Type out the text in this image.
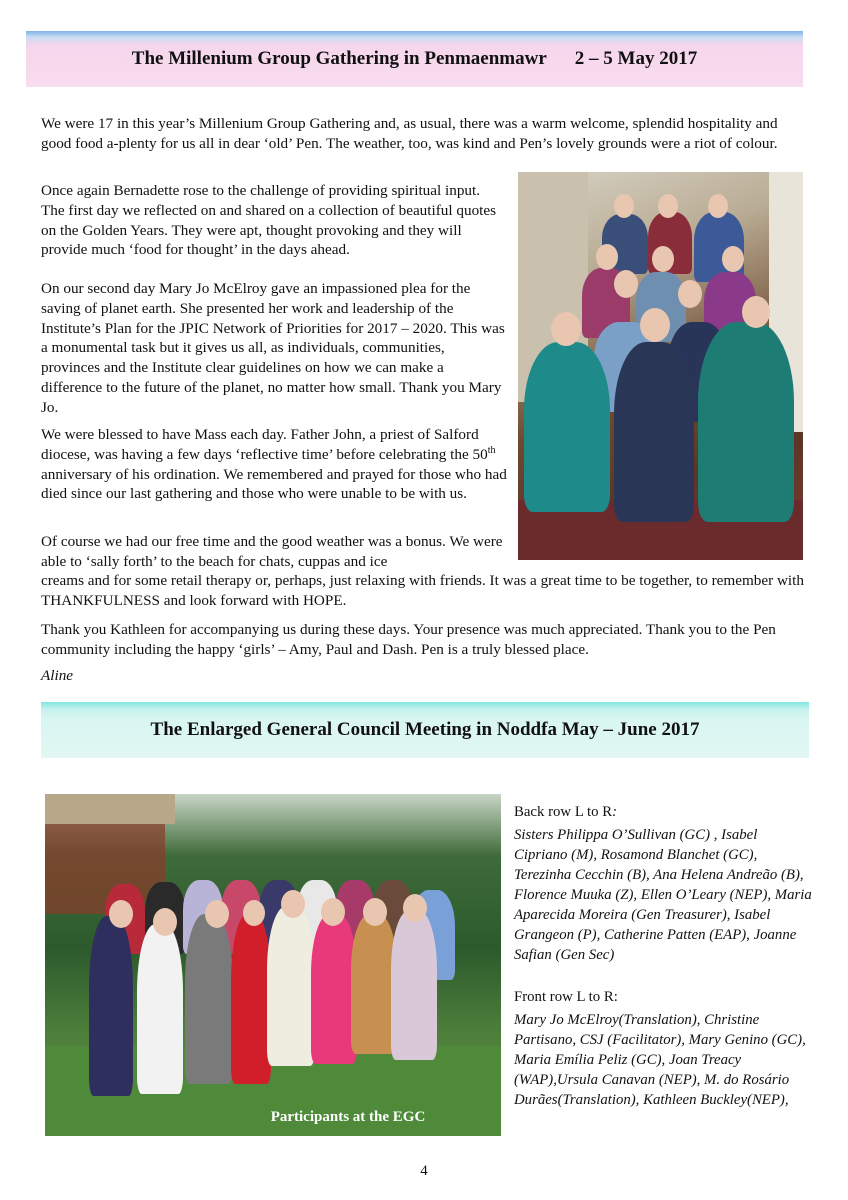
The Millenium Group Gathering in Penmaenmawr 2 – 5 May 2017

We were 17 in this year’s Millenium Group Gathering and, as usual, there was a warm welcome, splendid hospitality and good food a-plenty for us all in dear ‘old’ Pen. The weather, too, was kind and Pen’s lovely grounds were a riot of colour.

Once again Bernadette rose to the challenge of providing spiritual input. The first day we reflected on and shared on a collection of beautiful quotes on the Golden Years. They were apt, thought provoking and they will provide much ‘food for thought’ in the days ahead.

On our second day Mary Jo McElroy gave an impassioned plea for the saving of planet earth. She presented her work and leadership of the Institute’s Plan for the JPIC Network of Priorities for 2017 – 2020. This was a monumental task but it gives us all, as individuals, communities, provinces and the Institute clear guidelines on how we can make a difference to the future of the planet, no matter how small. Thank you Mary Jo.

We were blessed to have Mass each day. Father John, a priest of Salford diocese, was having a few days ‘reflective time’ before celebrating the 50th anniversary of his ordination. We remembered and prayed for those who had died since our last gathering and those who were unable to be with us.

Of course we had our free time and the good weather was a bonus. We were able to ‘sally forth’ to the beach for chats, cuppas and ice

creams and for some retail therapy or, perhaps, just relaxing with friends. It was a great time to be together, to remember with THANKFULNESS and look forward with HOPE.

Thank you Kathleen for accompanying us during these days. Your presence was much appreciated. Thank you to the Pen community including the happy ‘girls’ – Amy, Paul and Dash. Pen is a truly blessed place.

Aline

The Enlarged General Council Meeting in Noddfa May – June 2017
Participants at the EGC

Back row L to R:

Sisters Philippa O’Sullivan (GC) , Isabel Cipriano (M), Rosamond Blanchet (GC), Terezinha Cecchin (B), Ana Helena Andreão (B), Florence Muuka (Z), Ellen O’Leary (NEP), Maria Aparecida Moreira (Gen Treasurer), Isabel Grangeon (P), Catherine Patten (EAP), Joanne Safian (Gen Sec)

Front row L to R:

Mary Jo McElroy(Translation), Christine Partisano, CSJ (Facilitator), Mary Genino (GC), Maria Emília Peliz (GC), Joan Treacy (WAP),Ursula Canavan (NEP), M. do Rosário Durães(Translation), Kathleen Buckley(NEP),

4
